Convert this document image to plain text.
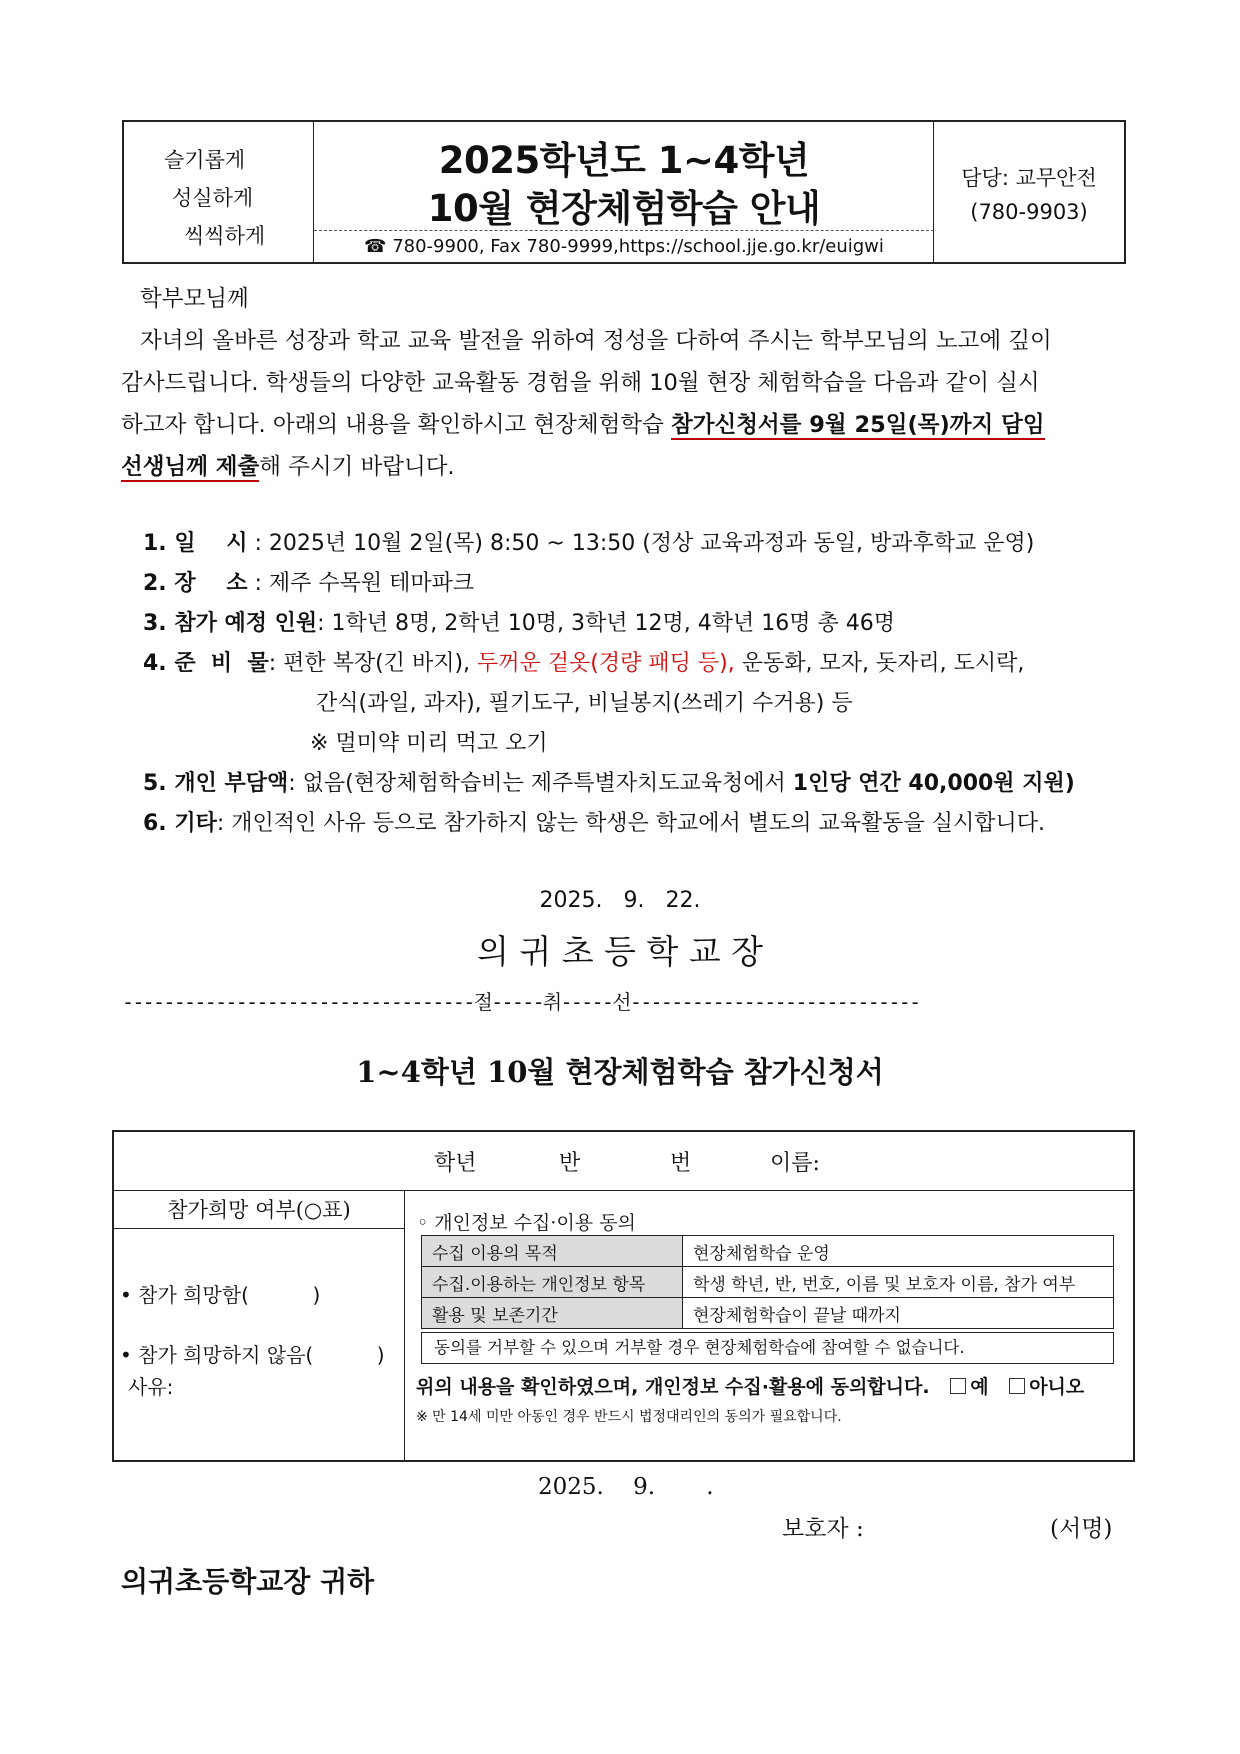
슬기롭게
성실하게
씩씩하게
2025학년도 1~4학년
10월 현장체험학습 안내
☎ 780-9900, Fax 780-9999,https://school.jje.go.kr/euigwi
담당: 교무안전
(780-9903)
학부모님께
자녀의 올바른 성장과 학교 교육 발전을 위하여 정성을 다하여 주시는 학부모님의 노고에 깊이
감사드립니다. 학생들의 다양한 교육활동 경험을 위해 10월 현장 체험학습을 다음과 같이 실시
하고자 합니다. 아래의 내용을 확인하시고 현장체험학습 참가신청서를 9월 25일(목)까지 담임
선생님께 제출해 주시기 바랍니다.
1. 일    시 : 2025년 10월 2일(목) 8:50 ~ 13:50 (정상 교육과정과 동일, 방과후학교 운영)
2. 장    소 : 제주 수목원 테마파크
3. 참가 예정 인원: 1학년 8명, 2학년 10명, 3학년 12명, 4학년 16명 총 46명
4. 준  비  물: 편한 복장(긴 바지), 두꺼운 겉옷(경량 패딩 등), 운동화, 모자, 돗자리, 도시락,
간식(과일, 과자), 필기도구, 비닐봉지(쓰레기 수거용) 등
※ 멀미약 미리 먹고 오기
5. 개인 부담액: 없음(현장체험학습비는 제주특별자치도교육청에서 1인당 연간 40,000원 지원)
6. 기타: 개인적인 사유 등으로 참가하지 않는 학생은 학교에서 별도의 교육활동을 실시합니다.
2025.   9.   22.
의 귀 초 등 학 교 장
----------------------------------절-----취-----선----------------------------
1~4학년 10월 현장체험학습 참가신청서
학년	반	번	이름:
참가희망 여부(○표)
• 참가 희망함(          )
• 참가 희망하지 않음(          )
사유:
◦ 개인정보 수집·이용 동의
수집 이용의 목적	현장체험학습 운영
수집.이용하는 개인정보 항목	학생 학년, 반, 번호, 이름 및 보호자 이름, 참가 여부
활용 및 보존기간	현장체험학습이 끝날 때까지
동의를 거부할 수 있으며 거부할 경우 현장체험학습에 참여할 수 없습니다.
위의 내용을 확인하였으며, 개인정보 수집·활용에 동의합니다. 예 아니오
※ 만 14세 미만 아동인 경우 반드시 법정대리인의 동의가 필요합니다.
2025.    9.       .
보호자 :	(서명)
의귀초등학교장 귀하
